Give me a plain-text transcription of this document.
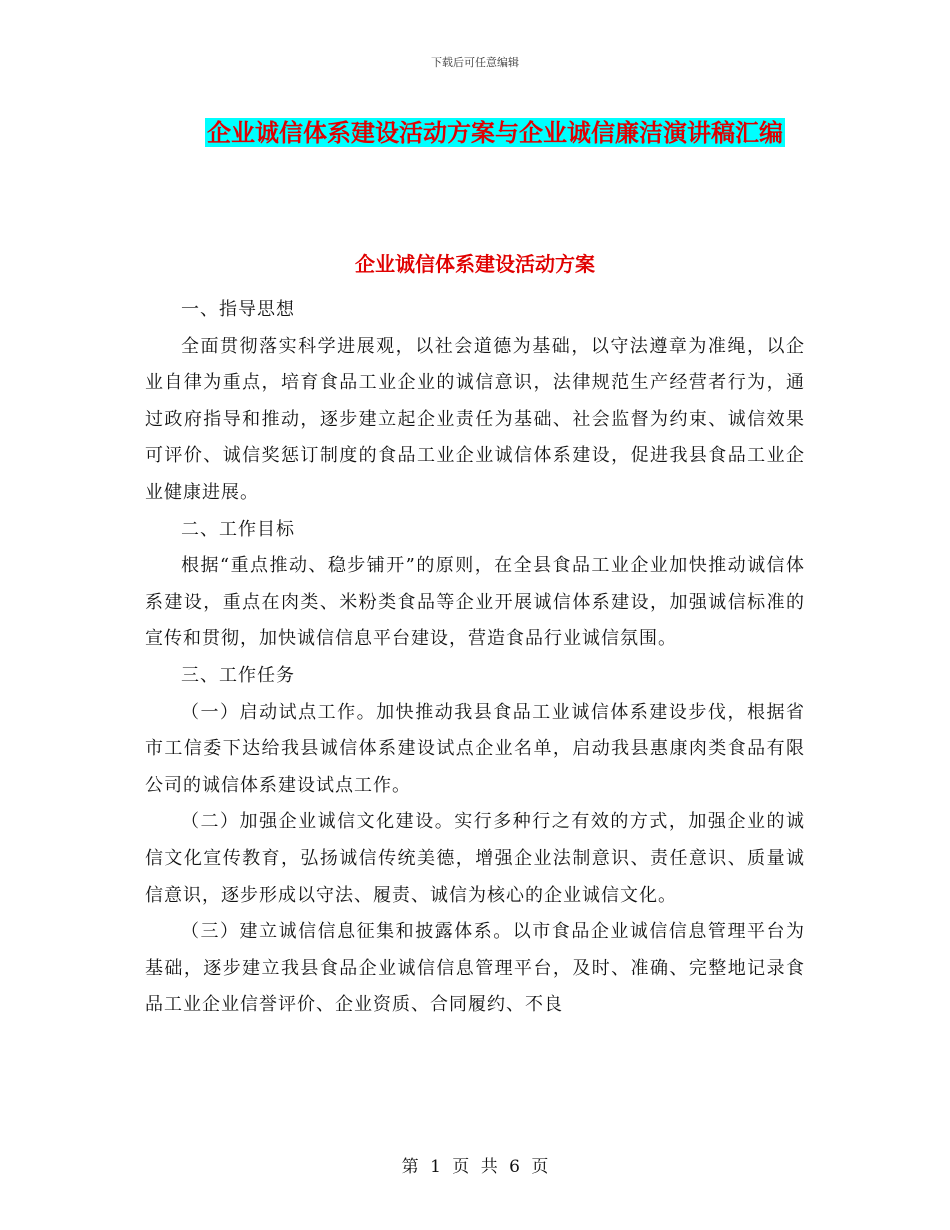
下载后可任意编辑
企业诚信体系建设活动方案与企业诚信廉洁演讲稿汇编
企业诚信体系建设活动方案

一、指导思想

全面贯彻落实科学进展观，以社会道德为基础，以守法遵章为准绳，以企业自律为重点，培育食品工业企业的诚信意识，法律规范生产经营者行为，通过政府指导和推动，逐步建立起企业责任为基础、社会监督为约束、诚信效果可评价、诚信奖惩订制度的食品工业企业诚信体系建设，促进我县食品工业企业健康进展。

二、工作目标

根据“重点推动、稳步铺开”的原则，在全县食品工业企业加快推动诚信体系建设，重点在肉类、米粉类食品等企业开展诚信体系建设，加强诚信标准的宣传和贯彻，加快诚信信息平台建设，营造食品行业诚信氛围。

三、工作任务

（一）启动试点工作。加快推动我县食品工业诚信体系建设步伐，根据省市工信委下达给我县诚信体系建设试点企业名单，启动我县惠康肉类食品有限公司的诚信体系建设试点工作。

（二）加强企业诚信文化建设。实行多种行之有效的方式，加强企业的诚信文化宣传教育，弘扬诚信传统美德，增强企业法制意识、责任意识、质量诚信意识，逐步形成以守法、履责、诚信为核心的企业诚信文化。

（三）建立诚信信息征集和披露体系。以市食品企业诚信信息管理平台为基础，逐步建立我县食品企业诚信信息管理平台，及时、准确、完整地记录食品工业企业信誉评价、企业资质、合同履约、不良

第 1 页 共 6 页
